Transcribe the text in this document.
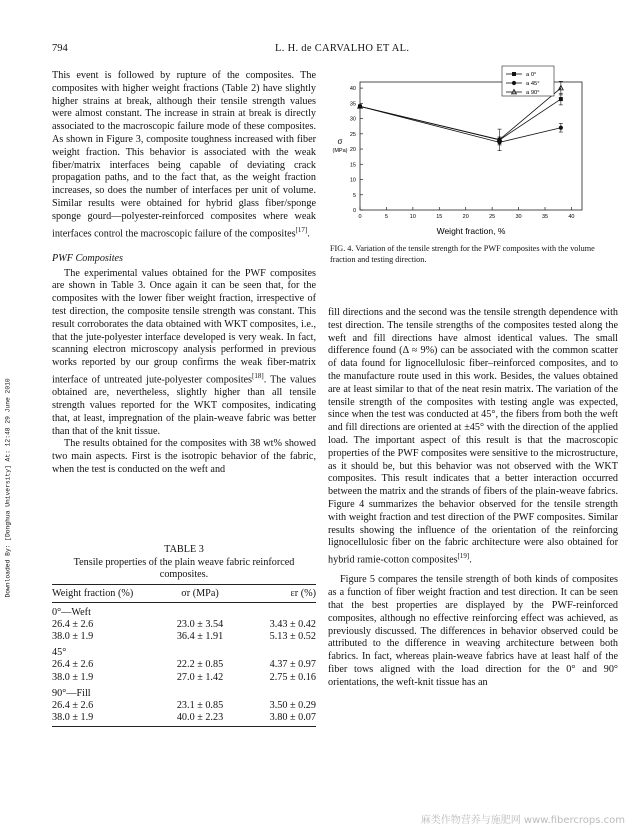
794	L. H. de CARVALHO ET AL.
Downloaded By: [Donghua University] At: 12:48 29 June 2010

This event is followed by rupture of the composites. The composites with higher weight fractions (Table 2) have slightly higher strains at break, although their tensile strength values were almost constant. The increase in strain at break is directly associated to the macroscopic failure mode of these composites. As shown in Figure 3, composite toughness increased with fiber weight fraction. This behavior is associated with the weak fiber/matrix interfaces being capable of deviating crack propagation paths, and to the fact that, as the weight fraction increases, so does the number of interfaces per unit of volume. Similar results were obtained for hybrid glass fiber/sponge sponge gourd—polyester-reinforced composites where weak interfaces control the macroscopic failure of the composites[17].

PWF Composites

The experimental values obtained for the PWF composites are shown in Table 3. Once again it can be seen that, for the composites with the lower fiber weight fraction, irrespective of test direction, the composite tensile strength was constant. This result corroborates the data obtained with WKT composites, i.e., that the jute-polyester interface developed is very weak. In fact, scanning electron microscopy analysis performed in previous works reported by our group confirms the weak fiber-matrix interface of untreated jute-polyester composites[18]. The values obtained are, nevertheless, slightly higher than all tensile strength values reported for the WKT composites, indicating that, at least, impregnation of the plain-weave fabric was better than that of the knit tissue.

The results obtained for the composites with 38 wt% showed two main aspects. First is the isotropic behavior of the fabric, when the test is conducted on the weft and

TABLE 3
Tensile properties of the plain weave fabric reinforced composites.
Weight fraction (%)	σr (MPa)	εr (%)
0°—Weft		
26.4 ± 2.6	23.0 ± 3.54	3.43 ± 0.42
38.0 ± 1.9	36.4 ± 1.91	5.13 ± 0.52
45°		
26.4 ± 2.6	22.2 ± 0.85	4.37 ± 0.97
38.0 ± 1.9	27.0 ± 1.42	2.75 ± 0.16
90°—Fill		
26.4 ± 2.6	23.1 ± 0.85	3.50 ± 0.29
38.0 ± 1.9	40.0 ± 2.23	3.80 ± 0.07
0
5
10
15
20
25
30
35
40
0	5	10	15	20	25	30	35	40
a 0°
a 45°
a 90°
σ
(MPa)
Weight fraction, %
FIG. 4. Variation of the tensile strength for the PWF composites with the volume fraction and testing direction.

fill directions and the second was the tensile strength dependence with test direction. The tensile strengths of the composites tested along the weft and fill directions have almost identical values. The small difference found (Δ ≈ 9%) can be associated with the common scatter of data found for lignocellulosic fiber–reinforced composites, and to the manufacture route used in this work. Besides, the values obtained are at least similar to that of the neat resin matrix. The variation of the tensile strength of the composites with testing angle was expected, since when the test was conducted at 45°, the fibers from both the weft and fill directions are oriented at ±45° with the direction of the applied load. The important aspect of this result is that the macroscopic properties of the PWF composites were sensitive to the microstructure, as it should be, but this behavior was not observed with the WKT composites. This result indicates that a better interaction occurred between the matrix and the strands of fibers of the plain-weave fabrics. Figure 4 summarizes the behavior observed for the tensile strength with weight fraction and test direction of the PWF composites. Similar results showing the influence of the orientation of the reinforcing lignocellulosic fiber on the fabric architecture were also obtained for hybrid ramie-cotton composites[19].

Figure 5 compares the tensile strength of both kinds of composites as a function of fiber weight fraction and test direction. It can be seen that the best properties are displayed by the PWF-reinforced composites, although no effective reinforcing effect was achieved, as previously discussed. The differences in behavior observed could be attributed to the difference in weaving architecture between both fabrics. In fact, whereas plain-weave fabrics have at least half of the fiber tows aligned with the load direction for the 0° and 90° orientations, the weft-knit tissue has an

麻类作物营养与施肥网 www.fibercrops.com
